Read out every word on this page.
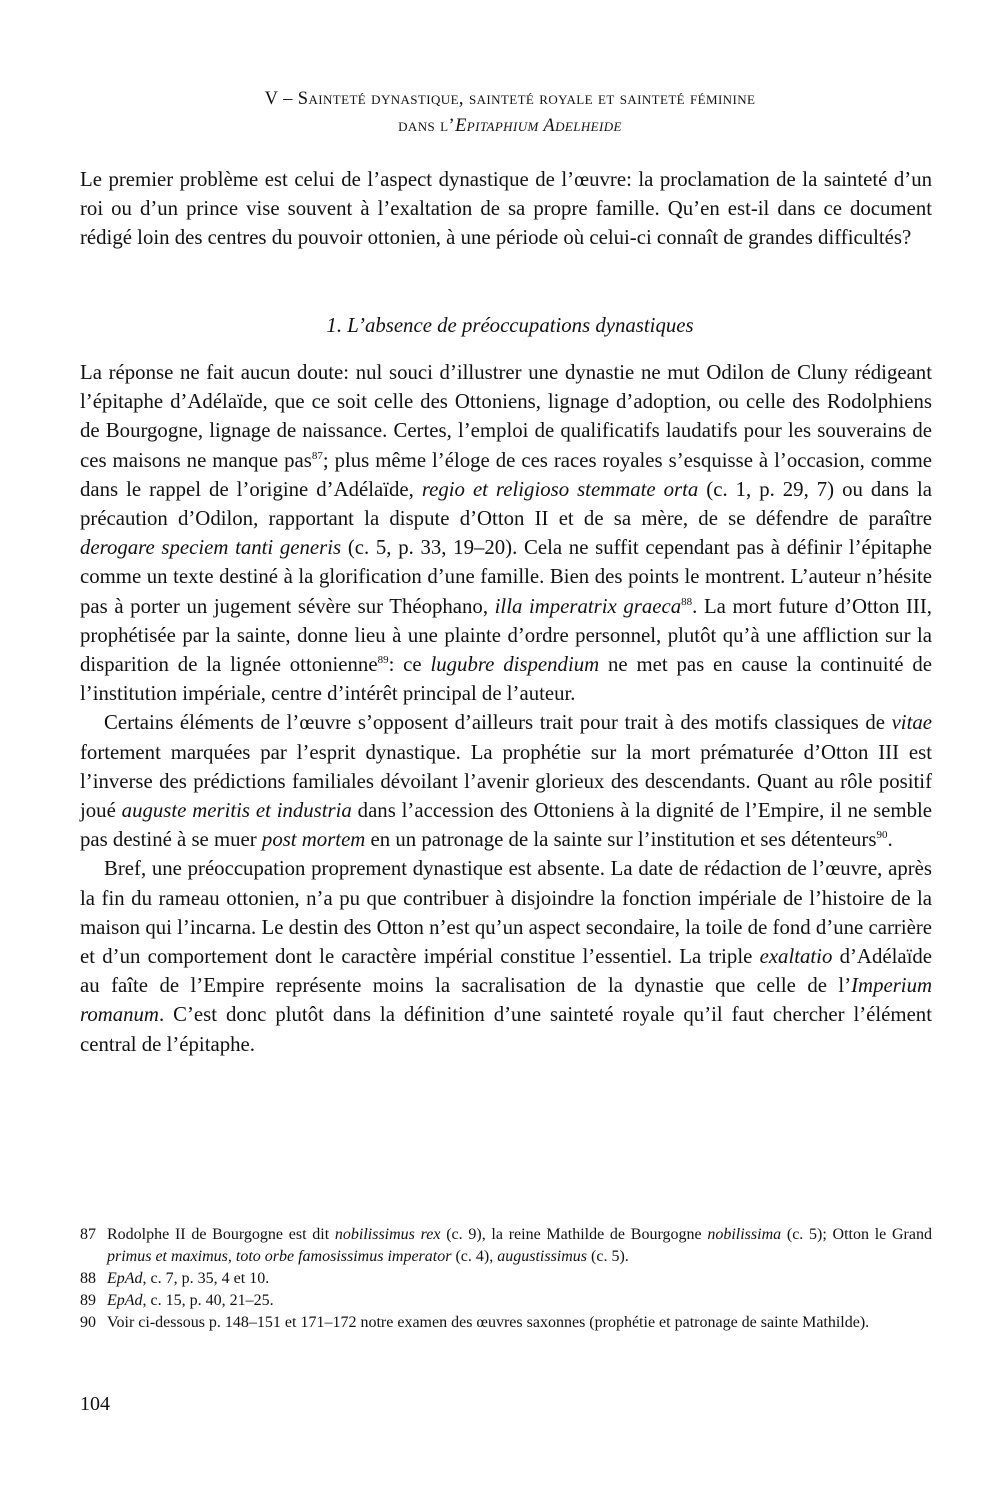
V – Sainteté dynastique, sainteté royale et sainteté féminine
dans l’Epitaphium Adelheide

Le premier problème est celui de l’aspect dynastique de l’œuvre: la proclamation de la sainteté d’un roi ou d’un prince vise souvent à l’exaltation de sa propre famille. Qu’en est-il dans ce document rédigé loin des centres du pouvoir ottonien, à une période où celui-ci connaît de grandes difficultés?

1. L’absence de préoccupations dynastiques

La réponse ne fait aucun doute: nul souci d’illustrer une dynastie ne mut Odilon de Cluny rédigeant l’épitaphe d’Adélaïde, que ce soit celle des Ottoniens, lignage d’adoption, ou celle des Rodolphiens de Bourgogne, lignage de naissance. Certes, l’emploi de qualificatifs laudatifs pour les souverains de ces maisons ne manque pas$^{87}$; plus même l’éloge de ces races royales s’esquisse à l’occasion, comme dans le rappel de l’origine d’Adélaïde, regio et religioso stemmate orta (c. 1, p. 29, 7) ou dans la précaution d’Odilon, rapportant la dispute d’Otton II et de sa mère, de se défendre de paraître derogare speciem tanti generis (c. 5, p. 33, 19–20). Cela ne suffit cependant pas à définir l’épitaphe comme un texte destiné à la glorification d’une famille. Bien des points le montrent. L’auteur n’hésite pas à porter un jugement sévère sur Théophano, illa imperatrix graeca$^{88}$. La mort future d’Otton III, prophétisée par la sainte, donne lieu à une plainte d’ordre personnel, plutôt qu’à une affliction sur la disparition de la lignée ottonienne$^{89}$: ce lugubre dispendium ne met pas en cause la continuité de l’institution impériale, centre d’intérêt principal de l’auteur.

Certains éléments de l’œuvre s’opposent d’ailleurs trait pour trait à des motifs classiques de vitae fortement marquées par l’esprit dynastique. La prophétie sur la mort prématurée d’Otton III est l’inverse des prédictions familiales dévoilant l’avenir glorieux des descendants. Quant au rôle positif joué auguste meritis et industria dans l’accession des Ottoniens à la dignité de l’Empire, il ne semble pas destiné à se muer post mortem en un patronage de la sainte sur l’institution et ses détenteurs$^{90}$.

Bref, une préoccupation proprement dynastique est absente. La date de rédaction de l’œuvre, après la fin du rameau ottonien, n’a pu que contribuer à disjoindre la fonction impériale de l’histoire de la maison qui l’incarna. Le destin des Otton n’est qu’un aspect secondaire, la toile de fond d’une carrière et d’un comportement dont le caractère impérial constitue l’essentiel. La triple exaltatio d’Adélaïde au faîte de l’Empire représente moins la sacralisation de la dynastie que celle de l’Imperium romanum. C’est donc plutôt dans la définition d’une sainteté royale qu’il faut chercher l’élément central de l’épitaphe.

87 Rodolphe II de Bourgogne est dit nobilissimus rex (c. 9), la reine Mathilde de Bourgogne nobilissima (c. 5); Otton le Grand primus et maximus, toto orbe famosissimus imperator (c. 4), augustissimus (c. 5).
88 EpAd, c. 7, p. 35, 4 et 10.
89 EpAd, c. 15, p. 40, 21–25.
90 Voir ci-dessous p. 148–151 et 171–172 notre examen des œuvres saxonnes (prophétie et patronage de sainte Mathilde).
104
